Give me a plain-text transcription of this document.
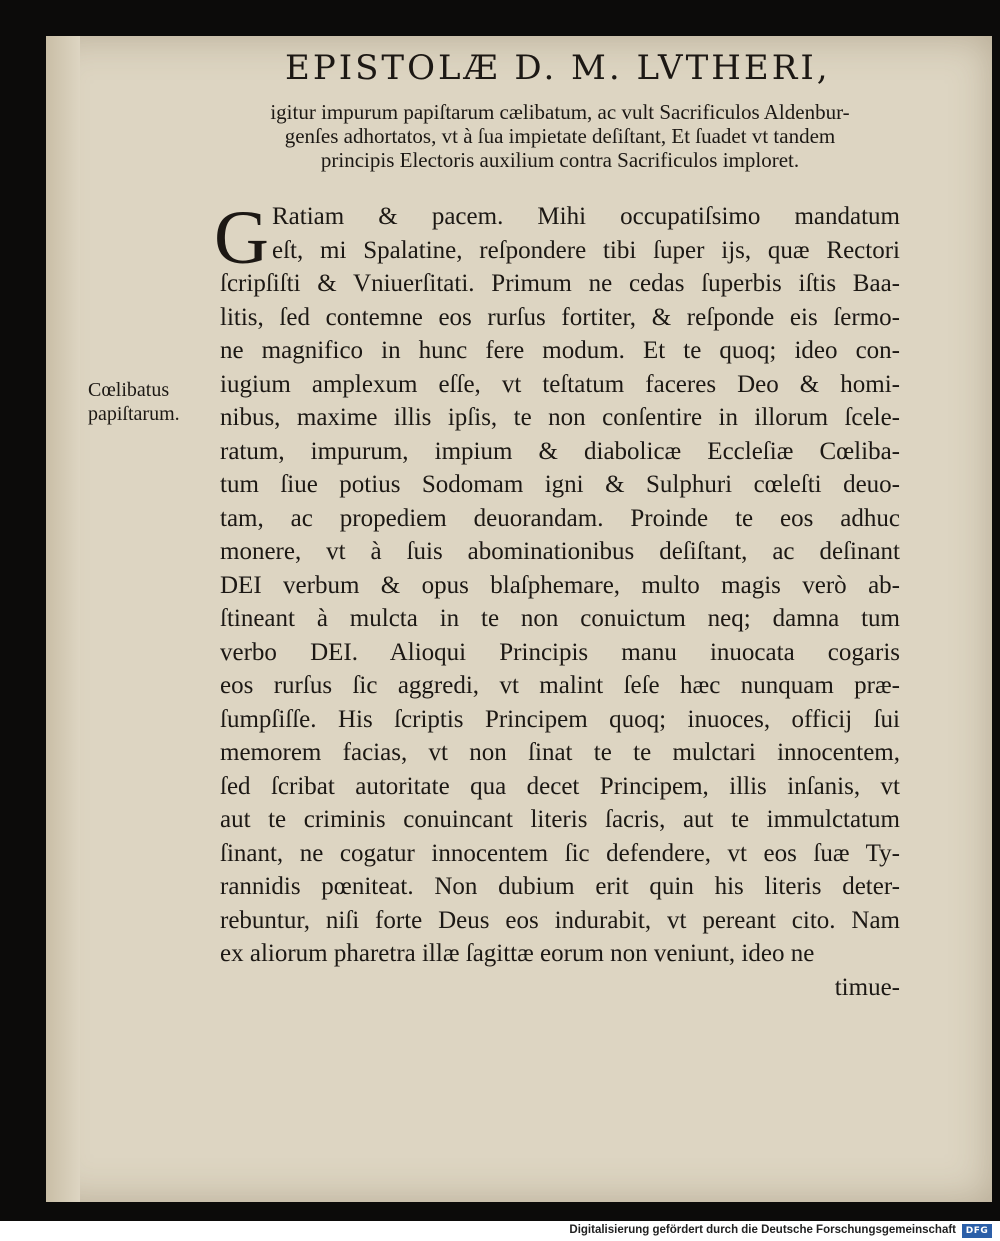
EPISTOLÆ D. M. LVTHERI,
igitur impurum papiſtarum cælibatum, ac vult Sacrificulos Aldenbur-
genſes adhortatos, vt à ſua impietate deſiſtant, Et ſuadet vt tandem
principis Electoris auxilium contra Sacrificulos imploret.
G
Cœlibatus
papiſtarum.
Ratiam & pacem. Mihi occupatiſsimo mandatum
eſt, mi Spalatine, reſpondere tibi ſuper ijs, quæ Rectori
ſcripſiſti & Vniuerſitati. Primum ne cedas ſuperbis iſtis Baa-
litis, ſed contemne eos rurſus fortiter, & reſponde eis ſermo-
ne magnifico in hunc fere modum. Et te quoq; ideo con-
iugium amplexum eſſe, vt teſtatum faceres Deo & homi-
nibus, maxime illis ipſis, te non conſentire in illorum ſcele-
ratum, impurum, impium & diabolicæ Eccleſiæ Cœliba-
tum ſiue potius Sodomam igni & Sulphuri cœleſti deuo-
tam, ac propediem deuorandam. Proinde te eos adhuc
monere, vt à ſuis abominationibus deſiſtant, ac deſinant
DEI verbum & opus blaſphemare, multo magis verò ab-
ſtineant à mulcta in te non conuictum neq; damna tum
verbo DEI. Alioqui Principis manu inuocata cogaris
eos rurſus ſic aggredi, vt malint ſeſe hæc nunquam præ-
ſumpſiſſe. His ſcriptis Principem quoq; inuoces, officij ſui
memorem facias, vt non ſinat te te mulctari innocentem,
ſed ſcribat autoritate qua decet Principem, illis inſanis, vt
aut te criminis conuincant literis ſacris, aut te immulctatum
ſinant, ne cogatur innocentem ſic defendere, vt eos ſuæ Ty-
rannidis pœniteat. Non dubium erit quin his literis deter-
rebuntur, niſi forte Deus eos indurabit, vt pereant cito. Nam
ex aliorum pharetra illæ ſagittæ eorum non veniunt, ideo ne
timue-
Digitalisierung gefördert durch die Deutsche Forschungsgemeinschaft	DFG
